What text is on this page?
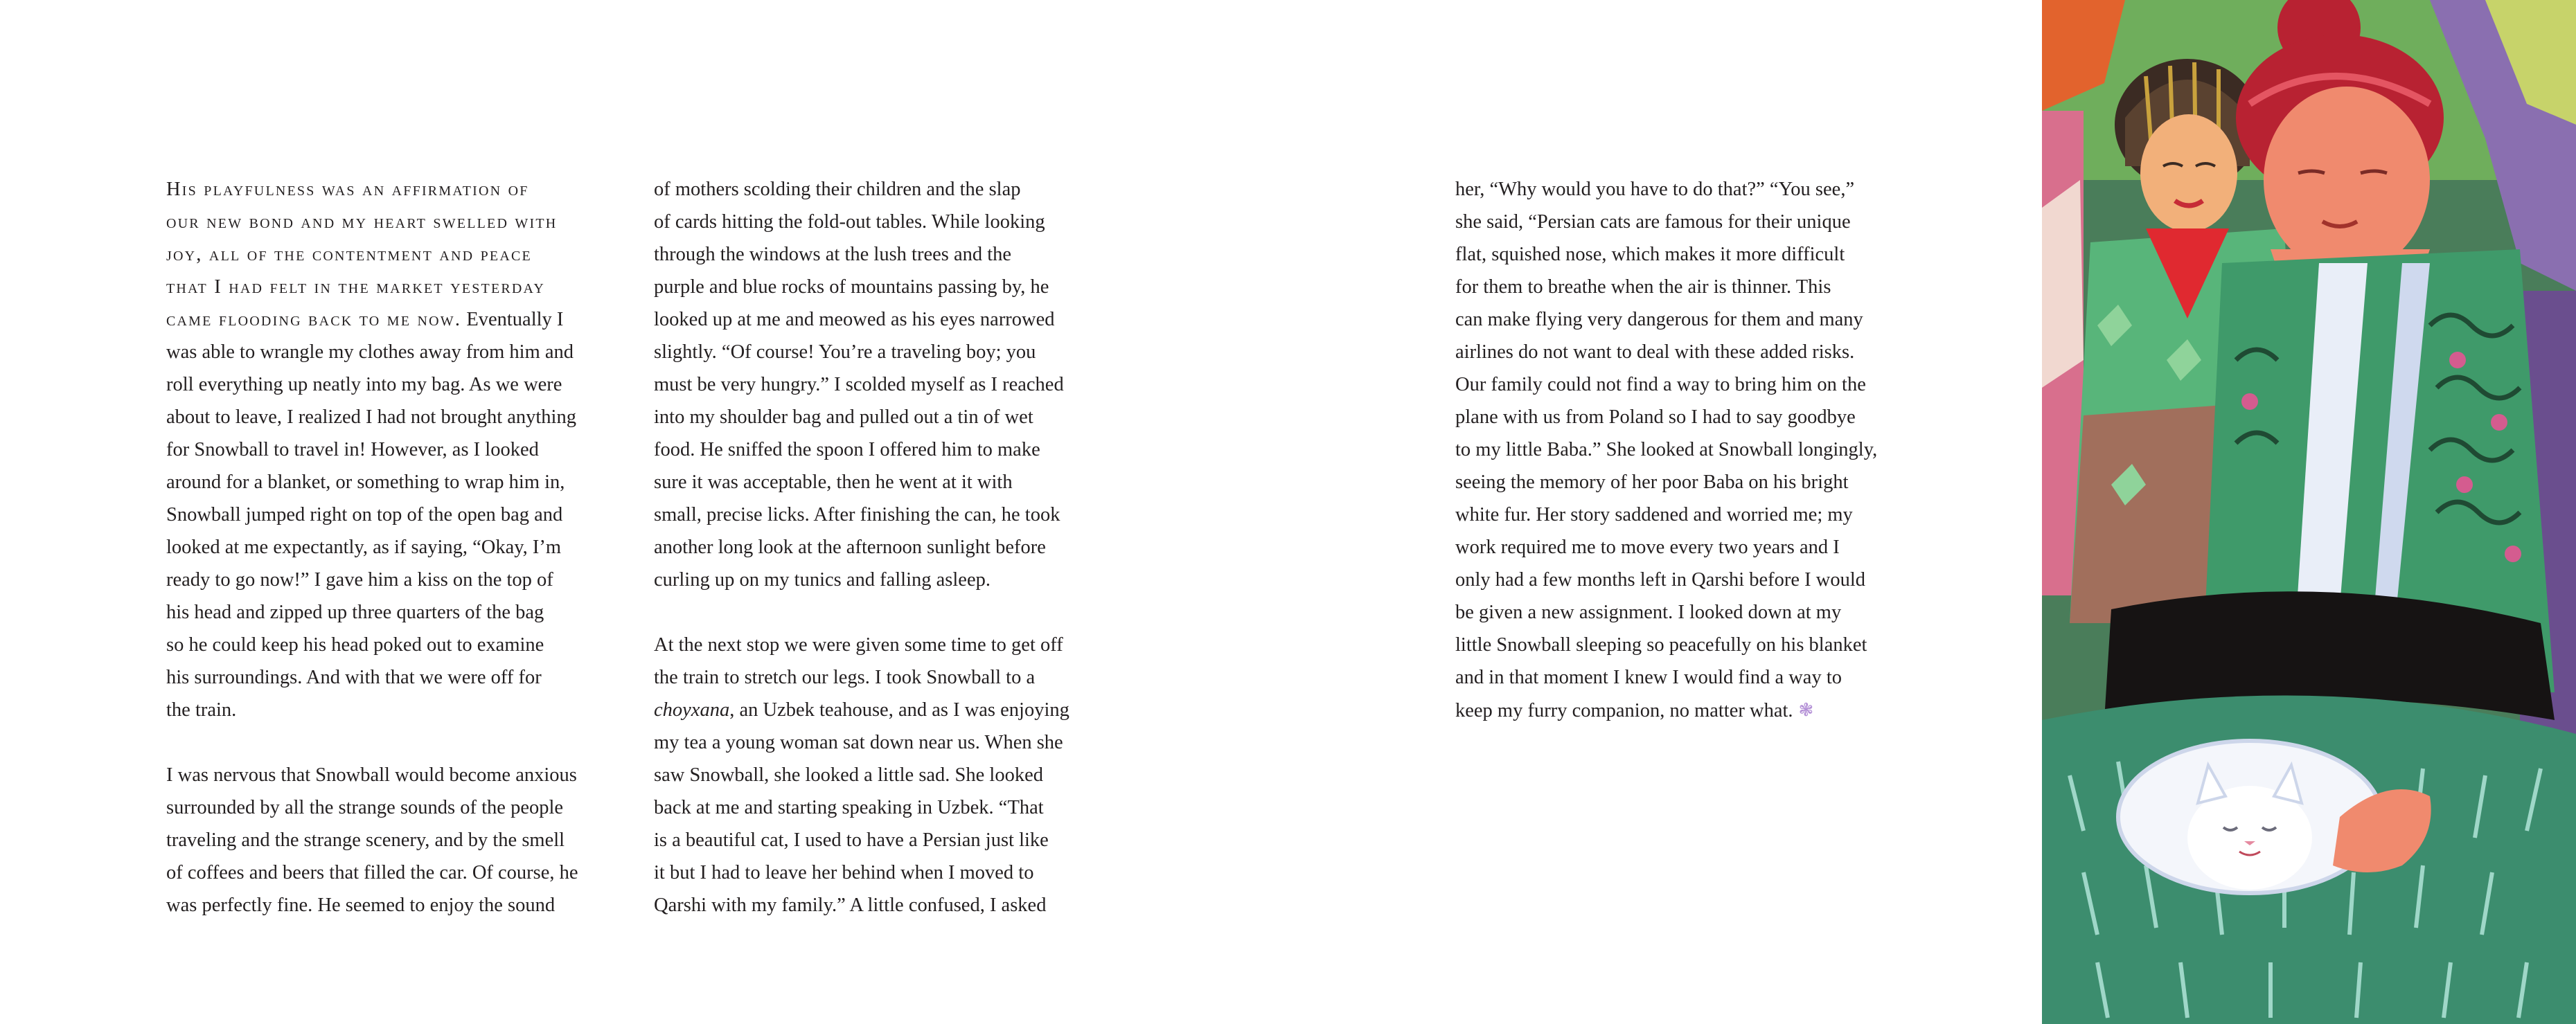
His playfulness was an affirmation of
our new bond and my heart swelled with
joy, all of the contentment and peace
that I had felt in the market yesterday
came flooding back to me now. Eventually I
was able to wrangle my clothes away from him and
roll everything up neatly into my bag. As we were
about to leave, I realized I had not brought anything
for Snowball to travel in! However, as I looked
around for a blanket, or something to wrap him in,
Snowball jumped right on top of the open bag and
looked at me expectantly, as if saying, “Okay, I’m
ready to go now!” I gave him a kiss on the top of
his head and zipped up three quarters of the bag
so he could keep his head poked out to examine
his surroundings. And with that we were off for
the train.
I was nervous that Snowball would become anxious
surrounded by all the strange sounds of the people
traveling and the strange scenery, and by the smell
of coffees and beers that filled the car. Of course, he
was perfectly fine. He seemed to enjoy the sound
of mothers scolding their children and the slap
of cards hitting the fold-out tables. While looking
through the windows at the lush trees and the
purple and blue rocks of mountains passing by, he
looked up at me and meowed as his eyes narrowed
slightly. “Of course! You’re a traveling boy; you
must be very hungry.” I scolded myself as I reached
into my shoulder bag and pulled out a tin of wet
food. He sniffed the spoon I offered him to make
sure it was acceptable, then he went at it with
small, precise licks. After finishing the can, he took
another long look at the afternoon sunlight before
curling up on my tunics and falling asleep.
At the next stop we were given some time to get off
the train to stretch our legs. I took Snowball to a
choyxana, an Uzbek teahouse, and as I was enjoying
my tea a young woman sat down near us. When she
saw Snowball, she looked a little sad. She looked
back at me and starting speaking in Uzbek. “That
is a beautiful cat, I used to have a Persian just like
it but I had to leave her behind when I moved to
Qarshi with my family.” A little confused, I asked
her, “Why would you have to do that?” “You see,”
she said, “Persian cats are famous for their unique
flat, squished nose, which makes it more difficult
for them to breathe when the air is thinner. This
can make flying very dangerous for them and many
airlines do not want to deal with these added risks.
Our family could not find a way to bring him on the
plane with us from Poland so I had to say goodbye
to my little Baba.” She looked at Snowball longingly,
seeing the memory of her poor Baba on his bright
white fur. Her story saddened and worried me; my
work required me to move every two years and I
only had a few months left in Qarshi before I would
be given a new assignment. I looked down at my
little Snowball sleeping so peacefully on his blanket
and in that moment I knew I would find a way to
keep my furry companion, no matter what. ❃
